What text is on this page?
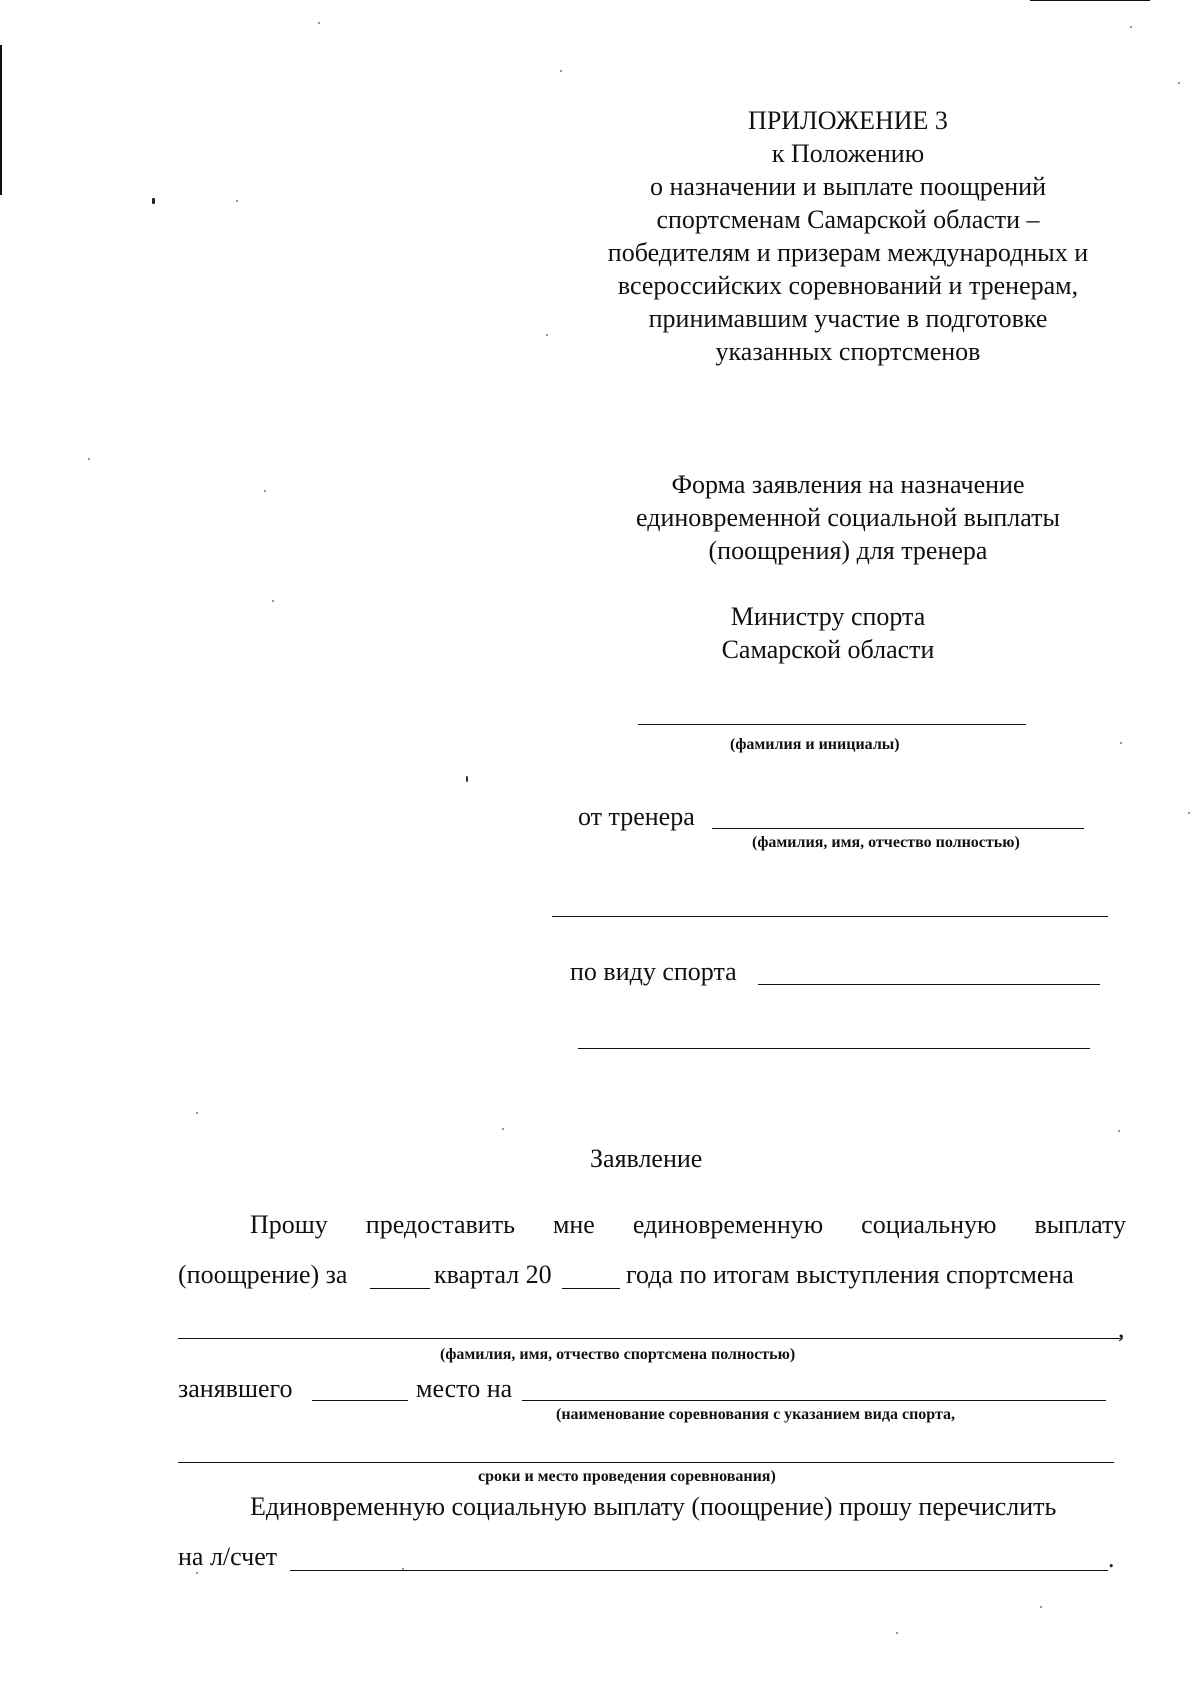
ПРИЛОЖЕНИЕ 3
к Положению
о назначении и выплате поощрений
спортсменам Самарской области –
победителям и призерам международных и
всероссийских соревнований и тренерам,
принимавшим участие в подготовке
указанных спортсменов
Форма заявления на назначение
единовременной социальной выплаты
(поощрения) для тренера
Министру спорта
Самарской области
(фамилия и инициалы)
от тренера
(фамилия, имя, отчество полностью)
по виду спорта
Заявление
Прошу предоставить мне единовременную социальную выплату
(поощрение) за	квартал 20	года по итогам выступления спортсмена
,
(фамилия, имя, отчество спортсмена полностью)
занявшего	место на
(наименование соревнования с указанием вида спорта,
сроки и место проведения соревнования)
Единовременную социальную выплату (поощрение) прошу перечислить
на л/счет	.
